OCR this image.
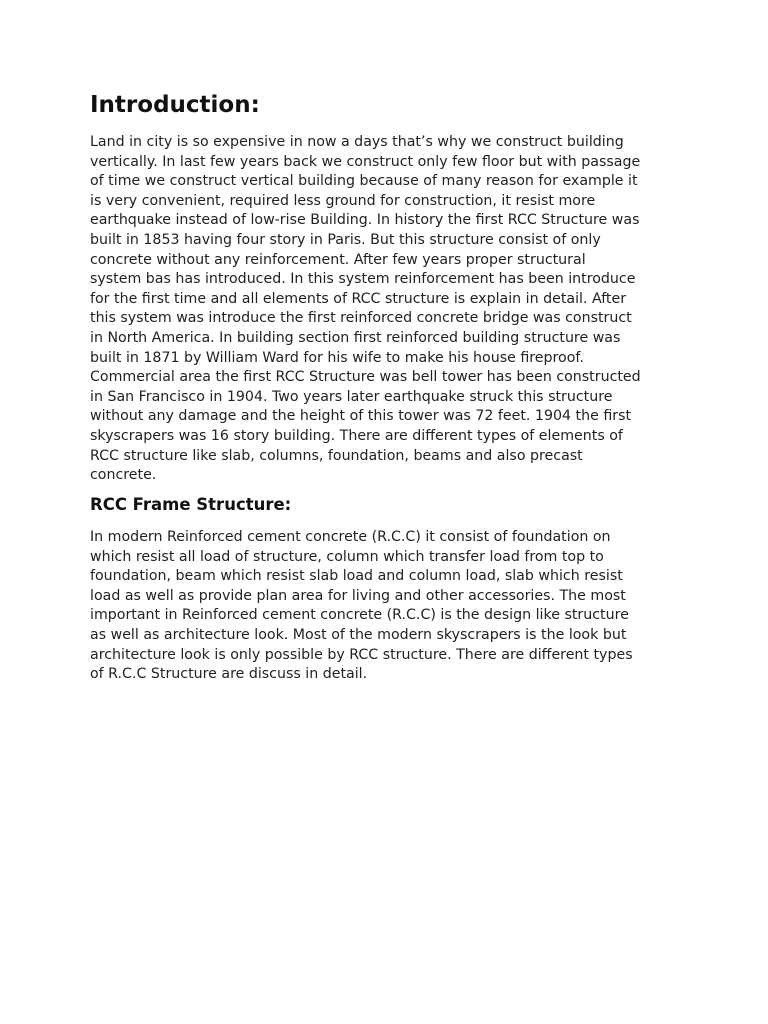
Introduction:
Land in city is so expensive in now a days that’s why we construct building
vertically. In last few years back we construct only few floor but with passage
of time we construct vertical building because of many reason for example it
is very convenient, required less ground for construction, it resist more
earthquake instead of low-rise Building. In history the first RCC Structure was
built in 1853 having four story in Paris. But this structure consist of only
concrete without any reinforcement. After few years proper structural
system bas has introduced. In this system reinforcement has been introduce
for the first time and all elements of RCC structure is explain in detail. After
this system was introduce the first reinforced concrete bridge was construct
in North America. In building section first reinforced building structure was
built in 1871 by William Ward for his wife to make his house fireproof.
Commercial area the first RCC Structure was bell tower has been constructed
in San Francisco in 1904. Two years later earthquake struck this structure
without any damage and the height of this tower was 72 feet. 1904 the first
skyscrapers was 16 story building. There are different types of elements of
RCC structure like slab, columns, foundation, beams and also precast
concrete.
RCC Frame Structure:
In modern Reinforced cement concrete (R.C.C) it consist of foundation on
which resist all load of structure, column which transfer load from top to
foundation, beam which resist slab load and column load, slab which resist
load as well as provide plan area for living and other accessories. The most
important in Reinforced cement concrete (R.C.C) is the design like structure
as well as architecture look. Most of the modern skyscrapers is the look but
architecture look is only possible by RCC structure. There are different types
of R.C.C Structure are discuss in detail.
